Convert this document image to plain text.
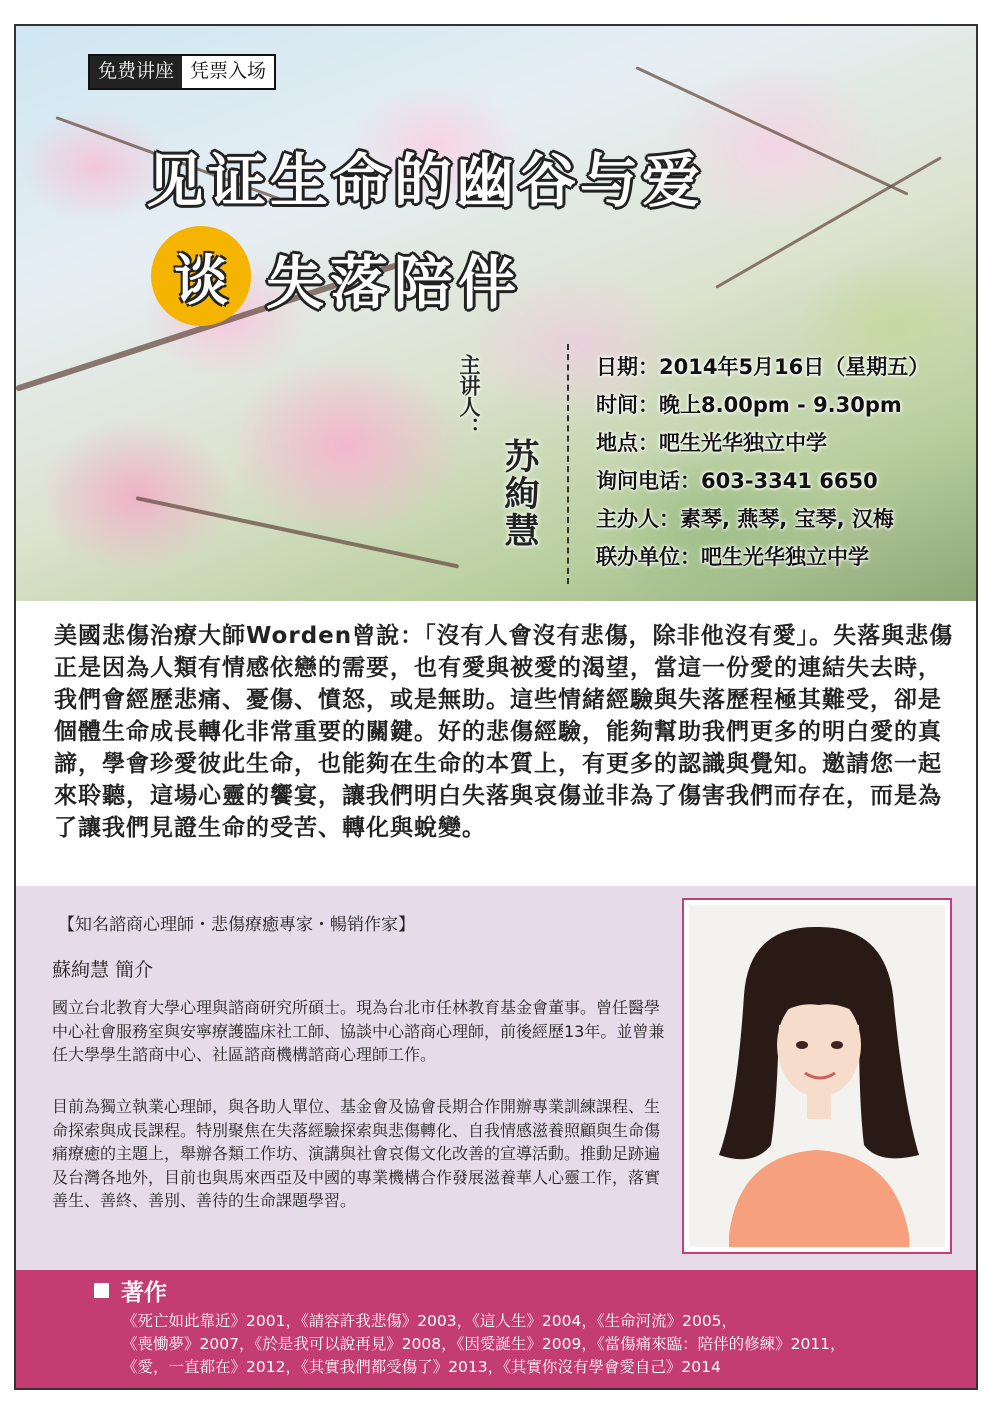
免费讲座 凭票入场
见证生命的幽谷与爱
谈 失落陪伴
主讲人：
苏絢慧
日期：2014年5月16日（星期五）
时间：晚上8.00pm - 9.30pm
地点：吧生光华独立中学
询问电话：603-3341 6650
主办人：素琴, 燕琴, 宝琴, 汉梅
联办单位：吧生光华独立中学

美國悲傷治療大師Worden曾說：「沒有人會沒有悲傷，除非他沒有愛」。失落與悲傷正是因為人類有情感依戀的需要，也有愛與被愛的渴望，當這一份愛的連結失去時，我們會經歷悲痛、憂傷、憤怒，或是無助。這些情緒經驗與失落歷程極其難受，卻是個體生命成長轉化非常重要的關鍵。好的悲傷經驗，能夠幫助我們更多的明白愛的真諦，學會珍愛彼此生命，也能夠在生命的本質上，有更多的認識與覺知。邀請您一起來聆聽，這場心靈的饗宴，讓我們明白失落與哀傷並非為了傷害我們而存在，而是為了讓我們見證生命的受苦、轉化與蛻變。

【知名諮商心理師・悲傷療癒專家・暢销作家】
蘇絢慧 簡介

國立台北教育大學心理與諮商研究所碩士。現為台北市任林教育基金會董事。曾任醫學中心社會服務室與安寧療護臨床社工師、協談中心諮商心理師，前後經歷13年。並曾兼任大學學生諮商中心、社區諮商機構諮商心理師工作。

目前為獨立執業心理師，與各助人單位、基金會及協會長期合作開辦專業訓練課程、生命探索與成長課程。特別聚焦在失落經驗探索與悲傷轉化、自我情感滋養照顧與生命傷痛療癒的主題上，舉辦各類工作坊、演講與社會哀傷文化改善的宣導活動。推動足跡遍及台灣各地外，目前也與馬來西亞及中國的專業機構合作發展滋養華人心靈工作，落實善生、善終、善別、善待的生命課題學習。

著作
《死亡如此靠近》2001，《請容許我悲傷》2003，《這人生》2004，《生命河流》2005，
《喪慟夢》2007，《於是我可以說再見》2008，《因愛誕生》2009，《當傷痛來臨：陪伴的修練》2011，
《愛，一直都在》2012，《其實我們都受傷了》2013，《其實你沒有學會愛自己》2014
